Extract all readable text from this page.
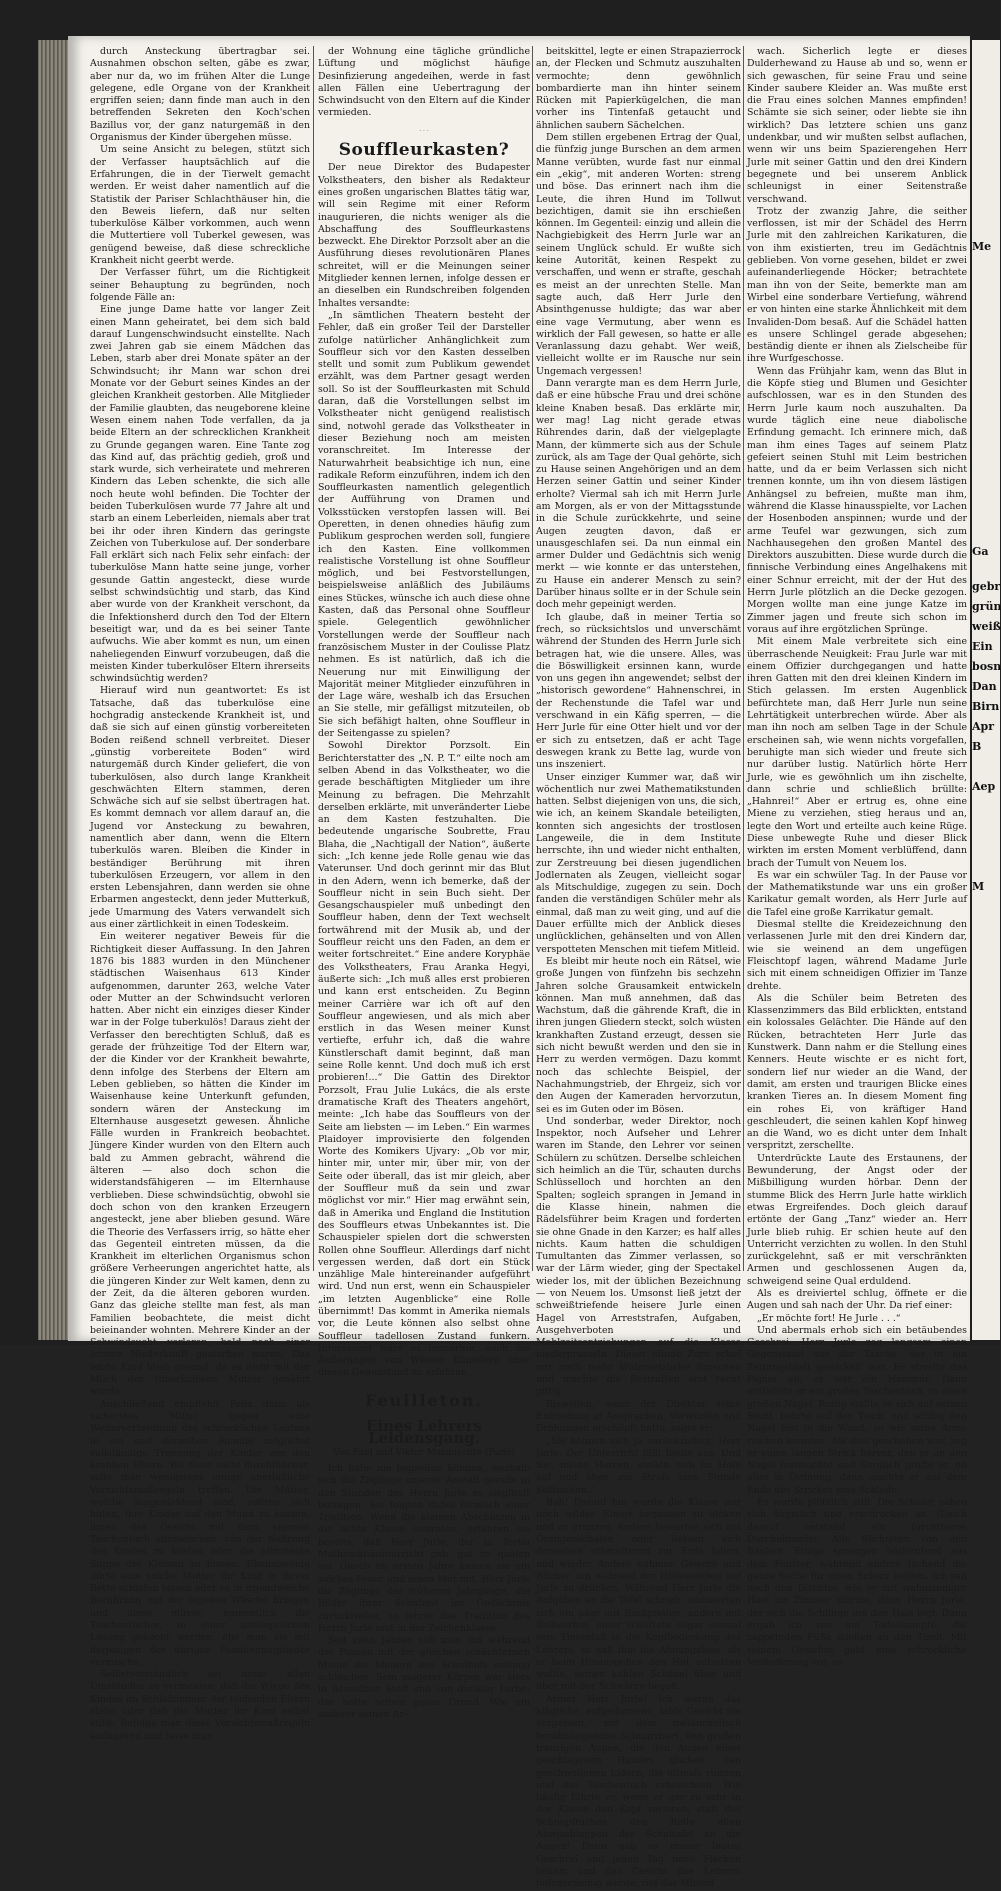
durch Ansteckung übertragbar sei. Ausnahmen obschon selten, gäbe es zwar, aber nur da, wo im frühen Alter die Lunge gelegene, edle Organe von der Krankheit ergriffen seien; dann finde man auch in den betreffenden Sekreten den Koch'schen Bazillus vor, der ganz naturgemäß in den Organismus der Kinder übergehen müsse.

Um seine Ansicht zu belegen, stützt sich der Verfasser hauptsächlich auf die Erfahrungen, die in der Tierwelt gemacht werden. Er weist daher namentlich auf die Statistik der Pariser Schlachthäuser hin, die den Beweis liefern, daß nur selten tuberkulöse Kälber vorkommen, auch wenn die Muttertiere voll Tuberkel gewesen, was genügend beweise, daß diese schreckliche Krankheit nicht geerbt werde.

Der Verfasser führt, um die Richtigkeit seiner Behauptung zu begründen, noch folgende Fälle an:

Eine junge Dame hatte vor langer Zeit einen Mann geheiratet, bei dem sich bald darauf Lungenschwindsucht einstellte. Nach zwei Jahren gab sie einem Mädchen das Leben, starb aber drei Monate später an der Schwindsucht; ihr Mann war schon drei Monate vor der Geburt seines Kindes an der gleichen Krankheit gestorben. Alle Mitglieder der Familie glaubten, das neugeborene kleine Wesen einem nahen Tode verfallen, da ja beide Eltern an der schrecklichen Krankheit zu Grunde gegangen waren. Eine Tante zog das Kind auf, das prächtig gedieh, groß und stark wurde, sich verheiratete und mehreren Kindern das Leben schenkte, die sich alle noch heute wohl befinden. Die Tochter der beiden Tuberkulösen wurde 77 Jahre alt und starb an einem Leberleiden, niemals aber trat bei ihr oder ihren Kindern das geringste Zeichen von Tuberkulose auf. Der sonderbare Fall erklärt sich nach Felix sehr einfach: der tuberkulöse Mann hatte seine junge, vorher gesunde Gattin angesteckt, diese wurde selbst schwindsüchtig und starb, das Kind aber wurde von der Krankheit verschont, da die Infektionsherd durch den Tod der Eltern beseitigt war, und da es bei seiner Tante aufwuchs. Wie aber kommt es nun, um einen naheliegenden Einwurf vorzubeugen, daß die meisten Kinder tuberkulöser Eltern ihrerseits schwindsüchtig werden?

Hierauf wird nun geantwortet: Es ist Tatsache, daß das tuberkulöse eine hochgradig ansteckende Krankheit ist, und daß sie sich auf einen günstig vorbereiteten Boden reißend schnell verbreitet. Dieser „günstig vorbereitete Boden“ wird naturgemäß durch Kinder geliefert, die von tuberkulösen, also durch lange Krankheit geschwächten Eltern stammen, deren Schwäche sich auf sie selbst übertragen hat. Es kommt demnach vor allem darauf an, die Jugend vor Ansteckung zu bewahren, namentlich aber dann, wenn die Eltern tuberkulös waren. Bleiben die Kinder in beständiger Berührung mit ihren tuberkulösen Erzeugern, vor allem in den ersten Lebensjahren, dann werden sie ohne Erbarmen angesteckt, denn jeder Mutterkuß, jede Umarmung des Vaters verwandelt sich aus einer zärtlichkeit in einen Todeskeim.

Ein weiterer negativer Beweis für die Richtigkeit dieser Auffassung. In den Jahren 1876 bis 1883 wurden in den Münchener städtischen Waisenhaus 613 Kinder aufgenommen, darunter 263, welche Vater oder Mutter an der Schwindsucht verloren hatten. Aber nicht ein einziges dieser Kinder war in der Folge tuberkulös! Daraus zieht der Verfasser den berechtigten Schluß, daß es gerade der frühzeitige Tod der Eltern war, der die Kinder vor der Krankheit bewahrte, denn infolge des Sterbens der Eltern am Leben geblieben, so hätten die Kinder im Waisenhause keine Unterkunft gefunden, sondern wären der Ansteckung im Elternhause ausgesetzt gewesen. Ähnliche Fälle wurden in Frankreich beobachtet. Jüngere Kinder wurden von den Eltern auch bald zu Ammen gebracht, während die älteren — also doch schon die widerstandsfähigeren — im Elternhause verblieben. Diese schwindsüchtig, obwohl sie doch schon von den kranken Erzeugern angesteckt, jene aber blieben gesund. Wäre die Theorie des Verfassers irrig, so hätte eher das Gegenteil eintreten müssen, da die Krankheit im elterlichen Organismus schon größere Verheerungen angerichtet hatte, als die jüngeren Kinder zur Welt kamen, denn zu der Zeit, da die älteren geboren wurden. Ganz das gleiche stellte man fest, als man Familien beobachtete, die meist dicht beieinander wohnten. Mehrere Kinder an der Schwindsucht verloren, bald nach einer letzten Niederkunft gestorben waren. Das letzte Kind blieb gesund, da es nicht mit der Milch der tuberkulösen Mutter genährt wurde.

Anschließend empfiehlt Felix dann als sicherstes Mittel gegen eine Weiterverbreitung des schrecklichen Leidens in ein und derselben Familie möglichst vollständige Trennung der Kinder von den kranken Eltern. Wo diese nicht durchführbar, solle man wenigstens einige unerläßliche Vorsichtsmaßregeln treffen. Die Mütter, welche lungenleidend sind, sollten sich hüten, ihre Kinder auf den Mund zu küssen, ihnen das Gesicht mit dem eigenen Taschentuch abzuwischen, von der Nahrung des Kindes zu kosten oder die allzuheiße Suppe der Kleinen zu blasen. Ebensowenig dürfe eine solche Mutter ihr Kind in ihrem Bette schlafen lassen oder es in irgendwelche Berührung mit der eigenen Wäsche bringen und diese müsse, namentlich die Taschentücher, in einer antiseptischen Lösung gekocht werden, ehe man sie mit derjenigen der übrigen Familienmitglieder vermische.

Selbstverständlich sei unter allen Umständen zu vermeiden, daß die Wiege des Kindes im Schlafzimmer der leidenden Eltern stehe oder daß die Mutter ihr Kind selbst stille. Befolge man diese Vorsichtsmaßregeln andauernd und lasse man

der Wohnung eine tägliche gründliche Lüftung und möglichst häufige Desinfizierung angedeihen, werde in fast allen Fällen eine Uebertragung der Schwindsucht von den Eltern auf die Kinder vermieden.

· · ·
Souffleurkasten?

Der neue Direktor des Budapester Volkstheaters, den bisher als Redakteur eines großen ungarischen Blattes tätig war, will sein Regime mit einer Reform inaugurieren, die nichts weniger als die Abschaffung des Souffleurkastens bezweckt. Ehe Direktor Porzsolt aber an die Ausführung dieses revolutionären Planes schreitet, will er die Meinungen seiner Mitglieder kennen lernen, infolge dessen er an dieselben ein Rundschreiben folgenden Inhaltes versandte:

„In sämtlichen Theatern besteht der Fehler, daß ein großer Teil der Darsteller zufolge natürlicher Anhänglichkeit zum Souffleur sich vor den Kasten desselben stellt und somit zum Publikum gewendet erzählt, was dem Partner gesagt werden soll. So ist der Souffleurkasten mit Schuld daran, daß die Vorstellungen selbst im Volkstheater nicht genügend realistisch sind, notwohl gerade das Volkstheater in dieser Beziehung noch am meisten voranschreitet. Im Interesse der Naturwahrheit beabsichtige ich nun, eine radikale Reform einzuführen, indem ich den Souffleurkasten namentlich gelegentlich der Aufführung von Dramen und Volksstücken verstopfen lassen will. Bei Operetten, in denen ohnedies häufig zum Publikum gesprochen werden soll, fungiere ich den Kasten. Eine vollkommen realistische Vorstellung ist ohne Souffleur möglich, und bei Festvorstellungen, beispielsweise anläßlich des Jubiläums eines Stückes, wünsche ich auch diese ohne Kasten, daß das Personal ohne Souffleur spiele. Gelegentlich gewöhnlicher Vorstellungen werde der Souffleur nach französischem Muster in der Coulisse Platz nehmen. Es ist natürlich, daß ich die Neuerung nur mit Einwilligung der Majorität meiner Mitglieder einzuführen in der Lage wäre, weshalb ich das Ersuchen an Sie stelle, mir gefälligst mitzuteilen, ob Sie sich befähigt halten, ohne Souffleur in der Seitengasse zu spielen?

Sowohl Direktor Porzsolt. Ein Berichterstatter des „N. P. T.“ eilte noch am selben Abend in das Volkstheater, wo die gerade beschäftigten Mitglieder um ihre Meinung zu befragen. Die Mehrzahlt derselben erklärte, mit unveränderter Liebe an dem Kasten festzuhalten. Die bedeutende ungarische Soubrette, Frau Blaha, die „Nachtigall der Nation“, äußerte sich: „Ich kenne jede Rolle genau wie das Vaterunser. Und doch gerinnt mir das Blut in den Adern, wenn ich bemerke, daß der Souffleur nicht in sein Buch sieht. Der Gesangschauspieler muß unbedingt den Souffleur haben, denn der Text wechselt fortwährend mit der Musik ab, und der Souffleur reicht uns den Faden, an dem er weiter fortschreitet.“ Eine andere Koryphäe des Volkstheaters, Frau Aranka Hegyi, äußerte sich: „Ich muß alles erst probieren und kann erst entscheiden. Zu Beginn meiner Carrière war ich oft auf den Souffleur angewiesen, und als mich aber erstlich in das Wesen meiner Kunst vertiefte, erfuhr ich, daß die wahre Künstlerschaft damit beginnt, daß man seine Rolle kennt. Und doch muß ich erst probieren!...“ Die Gattin des Direktor Porzsolt, Frau Julie Lukács, die als erste dramatische Kraft des Theaters angehört, meinte: „Ich habe das Souffleurs von der Seite am liebsten — im Leben.“ Ein warmes Plaidoyer improvisierte den folgenden Worte des Komikers Ujvary: „Ob vor mir, hinter mir, unter mir, über mir, von der Seite oder überall, das ist mir gleich, aber der Souffleur muß da sein und zwar möglichst vor mir.“ Hier mag erwähnt sein, daß in Amerika und England die Institution des Souffleurs etwas Unbekanntes ist. Die Schauspieler spielen dort die schwersten Rollen ohne Souffleur. Allerdings darf nicht vergessen werden, daß dort ein Stück unzählige Male hintereinander aufgeführt wird. Und nun erst, wenn ein Schauspieler „im letzten Augenblicke“ eine Rolle übernimmt! Das kommt in Amerika niemals vor, die Leute können also selbst ohne Souffleur tadellosen Zustand funkern. Interessant wäre es immerhin, auch die Äußerungen von Wiener Künstlern über diesen Gegenstand zu erfahren.

Feuilleton.
Eines Lehrers Leidensgang.
Von Paul und Viktor Margueritte (Paris)

Ich habe nie begreifen können, weshalb sich die Zöglinge unserer Anstalt gerade in den Stunden des Herrn Jurle so sieglhaft betragen. Sie folgten dabei förmlich einer Tradition. Wenn die kleinen Abschützen in die achte Klasse eintraten, erfuhren sie bereits, daß Herr Jurle, der in Tertia Mathematikunterricht gab, gut zu quälen sei. Gleich im ersten Jahre kamen sie ein solches Feuer und einen Mut mit. Herr Jurle die Zöglinge der früheren Jahrgänge, die Bilder ihrer Schulzeit ins Gedächtnis zurückriefen, so lehrte das Tradition des Herrn Jurle erst in der Zeichenklasse.

Seit zehn Jahren sah man ihn während der Pausen mit der gleichen schüchternen Miene die Mauern des Schulhofs entlang schleichen. Sein magerer Körper war stets in denselben Stoff und von dunkler Farbe; das hatte seinen guten Grund. Wie ein anderer seinen Ar-

beitskittel, legte er einen Strapazierrock an, der Flecken und Schmutz auszuhalten vermochte; denn gewöhnlich bombardierte man ihn hinter seinem Rücken mit Papierkügelchen, die man vorher ins Tintenfaß getaucht und ähnlichen saubern Sächelchen.

Dem stillen ergebenen Ertrag der Qual, die fünfzig junge Burschen an dem armen Manne verübten, wurde fast nur einmal ein „ekig“, mit anderen Worten: streng und böse. Das erinnert nach ihm die Leute, die ihren Hund im Tollwut bezichtigen, damit sie ihn erschießen können. Im Gegenteil: einzig und allein die Nachgiebigkeit des Herrn Jurle war an seinem Unglück schuld. Er wußte sich keine Autorität, keinen Respekt zu verschaffen, und wenn er strafte, geschah es meist an der unrechten Stelle. Man sagte auch, daß Herr Jurle den Absinthgenusse huldigte; das war aber eine vage Vermutung, aber wenn es wirklich der Fall gewesen, so hatte er alle Veranlassung dazu gehabt. Wer weiß, vielleicht wollte er im Rausche nur sein Ungemach vergessen!

Dann verargte man es dem Herrn Jurle, daß er eine hübsche Frau und drei schöne kleine Knaben besaß. Das erklärte mir, wer mag! Lag nicht gerade etwas Rührendes darin, daß der vielgeplagte Mann, der kümmerte sich aus der Schule zurück, als am Tage der Qual gehörte, sich zu Hause seinen Angehörigen und an dem Herzen seiner Gattin und seiner Kinder erholte? Viermal sah ich mit Herrn Jurle am Morgen, als er von der Mittagsstunde in die Schule zurückkehrte, und seine Augen zeugten davon, daß er unausgeschlafen sei. Da nun einmal ein armer Dulder und Gedächtnis sich wenig merkt — wie konnte er das unterstehen, zu Hause ein anderer Mensch zu sein? Darüber hinaus sollte er in der Schule sein doch mehr gepeinigt werden.

Ich glaube, daß in meiner Tertia so frech, so rücksichtslos und unverschämt während der Stunden des Herrn Jurle sich betragen hat, wie die unsere. Alles, was die Böswilligkeit ersinnen kann, wurde von uns gegen ihn angewendet; selbst der „historisch gewordene“ Hahnenschrei, in der Rechenstunde die Tafel war und verschwand in ein Käfig sperren, — die Herr Jurle für eine Otter hielt und vor der er sich zu entsetzen, daß er acht Tage deswegen krank zu Bette lag, wurde von uns inszeniert.

Unser einziger Kummer war, daß wir wöchentlich nur zwei Mathematikstunden hatten. Selbst diejenigen von uns, die sich, wie ich, an keinem Skandale beteiligten, konnten sich angesichts der trostlosen Langeweile, die in dem Institute herrschte, ihn und wieder nicht enthalten, zur Zerstreuung bei diesen jugendlichen Jodlernaten als Zeugen, vielleicht sogar als Mitschuldige, zugegen zu sein. Doch fanden die verständigen Schüler mehr als einmal, daß man zu weit ging, und auf die Dauer erfüllte mich der Anblick dieses unglücklichen, gehänselten und von Allen verspotteten Menschen mit tiefem Mitleid.

Es bleibt mir heute noch ein Rätsel, wie große Jungen von fünfzehn bis sechzehn Jahren solche Grausamkeit entwickeln können. Man muß annehmen, daß das Wachstum, daß die gährende Kraft, die in ihren jungen Gliedern steckt, solch wüsten krankhaften Zustand erzeugt, dessen sie sich nicht bewußt werden und den sie in Herr zu werden vermögen. Dazu kommt noch das schlechte Beispiel, der Nachahmungstrieb, der Ehrgeiz, sich vor den Augen der Kameraden hervorzutun, sei es im Guten oder im Bösen.

Und sonderbar, weder Direktor, noch Inspektor, noch Aufseher und Lehrer waren im Stande, den Lehrer vor seinen Schülern zu schützen. Derselbe schleichen sich heimlich an die Tür, schauten durchs Schlüsselloch und horchten an den Spalten; sogleich sprangen in Jemand in die Klasse hinein, nahmen die Rädelsführer beim Kragen und forderten sie ohne Gnade in den Karzer; es half alles nichts. Kaum hatten die schuldigen Tumultanten das Zimmer verlassen, so war der Lärm wieder, ging der Spectakel wieder los, mit der üblichen Bezeichnung — von Neuem los. Umsonst ließ jetzt der schweißtriefende heisere Jurle einen Hagel von Arreststrafen, Aufgaben, Ausgehverboten und Mahlzeitsentziehungen auf die Klasse niederprasseln. Dieser blinde Zorn schuf nur noch mehr Widersetzliche Burschen und machte die Bestraften erst recht giftig.

Bisweilen, wenn der Direktor seine Entrüstung in Ansprachen, Vorwürfen und Drohungen erschöpft hatte, sagte er:

„Sie können sich ja zurückziehen, Herr Jurle. Der Unterricht fällt heute aus. Und Sie, meine Herren, stellen sich im Hofe auf und üben zur Strafe eine Stunde Stillstehen.“

Bah! Darauf hin wurde die Klasse nur noch wilder. Einige begannen zu blöken und zu grunzen, Andere bewarfen sich mit Orangenschalen oder liessen sich derselben schmetternd zur Erde fallen, und wieder Andere nahmen Gewerk und Bücher, um während der Höllensieben auf Jurle zu drücken. Während Herr Jurle die Aufgaben an die Tafel schrieb, amüsierten sich ein paar mit Backpfeifen, andere mit Ballwerfen; einer schüttete sogar einmal sein Tintenfaß in die Kopfbedeckung des Lehrers, so daß ihm die Ahnungslose, als er beim Hinausgehen den Hut aufsetzen wollte, seinen kahlen Schädel über und über mit der Schwärze begoß.

Armer Herr Jurle! Ich werde das klägliche, aufgedunsene, fahle Gesicht nie vergessen, mit dem melancholisch herabhängenden Schnurrbart, den großen traurigen Augen, die den Augen eines geschlagenen Hundes glichen, den geschwollenen Lidern, die oftmals rinnten und das Taschentuch erheischten. Wie häufig führte er, wenn er gar zu sehr in der Klasse den Kopf verloren, statt des Schnupftuches den Rolle allen Abwischlappen der Schultafel an die Augen! Dann gab es immer lautes Geschrei und jeden Tag neue Flecken bekam und das Gesicht des Lehrers fadenscheinig wurde, rief das Mitleid

wach. Sicherlich legte er dieses Dulderhewand zu Hause ab und so, wenn er sich gewaschen, für seine Frau und seine Kinder saubere Kleider an. Was mußte erst die Frau eines solchen Mannes empfinden! Schämte sie sich seiner, oder liebte sie ihn wirklich? Das letztere schien uns ganz undenkbar, und wir mußten selbst auflachen, wenn wir uns beim Spazierengehen Herr Jurle mit seiner Gattin und den drei Kindern begegnete und bei unserem Anblick schleunigst in einer Seitenstraße verschwand.

Trotz der zwanzig Jahre, die seither verflossen, ist mir der Schädel des Herrn Jurle mit den zahlreichen Karikaturen, die von ihm existierten, treu im Gedächtnis geblieben. Von vorne gesehen, bildet er zwei aufeinanderliegende Höcker; betrachtete man ihn von der Seite, bemerkte man am Wirbel eine sonderbare Vertiefung, während er von hinten eine starke Ähnlichkeit mit dem Invaliden-Dom besaß. Auf die Schädel hatten es unsere Schlingel gerade abgesehen; beständig diente er ihnen als Zielscheibe für ihre Wurfgeschosse.

Wenn das Frühjahr kam, wenn das Blut in die Köpfe stieg und Blumen und Gesichter aufschlossen, war es in den Stunden des Herrn Jurle kaum noch auszuhalten. Da wurde täglich eine neue diabolische Erfindung gemacht. Ich erinnere mich, daß man ihm eines Tages auf seinem Platz gefeiert seinen Stuhl mit Leim bestrichen hatte, und da er beim Verlassen sich nicht trennen konnte, um ihn von diesem lästigen Anhängsel zu befreien, mußte man ihm, während die Klasse hinausspielte, vor Lachen der Hosenboden anspinnen; wurde und der arme Teufel war gezwungen, sich zum Nachhausegehen den großen Mantel des Direktors auszubitten. Diese wurde durch die finnische Verbindung eines Angelhakens mit einer Schnur erreicht, mit der der Hut des Herrn Jurle plötzlich an die Decke gezogen. Morgen wollte man eine junge Katze im Zimmer jagen und freute sich schon im voraus auf ihre ergötzlichen Sprünge.

Mit einem Male verbreitete sich eine überraschende Neuigkeit: Frau Jurle war mit einem Offizier durchgegangen und hatte ihren Gatten mit den drei kleinen Kindern im Stich gelassen. Im ersten Augenblick befürchtete man, daß Herr Jurle nun seine Lehrtätigkeit unterbrechen würde. Aber als man ihn noch am selben Tage in der Schule erscheinen sah, wie wenn nichts vorgefallen, beruhigte man sich wieder und freute sich nur darüber lustig. Natürlich hörte Herr Jurle, wie es gewöhnlich um ihn zischelte, dann schrie und schließlich brüllte: „Hahnrei!“ Aber er ertrug es, ohne eine Miene zu verziehen, stieg heraus und an, legte den Wort und erteilte auch keine Rüge. Diese unbewegte Ruhe und dieser Blick wirkten im ersten Moment verblüffend, dann brach der Tumult von Neuem los.

Es war ein schwüler Tag. In der Pause vor der Mathematikstunde war uns ein großer Karikatur gemalt worden, als Herr Jurle auf die Tafel eine große Karrikatur gemalt.

Diesmal stellte die Kreidezeichnung den verlassenen Jurle mit den drei Kindern dar, wie sie weinend an dem ungefügen Fleischtopf lagen, während Madame Jurle sich mit einem schneidigen Offizier im Tanze drehte.

Als die Schüler beim Betreten des Klassenzimmers das Bild erblickten, entstand ein kolossales Gelächter. Die Hände auf den Rücken, betrachteten Herr Jurle das Kunstwerk. Dann nahm er die Stellung eines Kenners. Heute wischte er es nicht fort, sondern lief nur wieder an die Wand, der damit, am ersten und traurigen Blicke eines kranken Tieres an. In diesem Moment fing ein rohes Ei, von kräftiger Hand geschleudert, die seinen kahlen Kopf hinweg an die Wand, wo es dicht unter dem Inhalt verspritzt, zerschellte.

Unterdrückte Laute des Erstaunens, der Bewunderung, der Angst oder der Mißbilligung wurden hörbar. Denn der stumme Blick des Herrn Jurle hatte wirklich etwas Ergreifendes. Doch gleich darauf ertönte der Gang „Tanz“ wieder an. Herr Jurle blieb ruhig. Er schien heute auf den Unterricht verzichten zu wollen. In den Stuhl zurückgelehnt, saß er mit verschränkten Armen und geschlossenen Augen da, schweigend seine Qual erduldend.

Als es dreiviertel schlug, öffnete er die Augen und sah nach der Uhr. Da rief einer:

„Er möchte fort! He Jurle . . .“

Und abermals erhob sich ein betäubendes Geschrei. Herr Jurle zog langsam einen Gegenstand aus der Tasche, der in ein Zeitungsblatt gewickelt war. Er streifte das Papier ab, es war ein Hammer. Dann entfaltete er ein großes Taschentuch, in einen großen Nagel. Ruhig stellte er sich auf seinen Stuhl, bohrte auf den Tisch, und schlug den Nagel fest in die Wand, so wie seine Arme reichen konnten. Als dies geschehen war, zog er einen langen Strick hervor, den er an den Nagel festmachte und Sorglich prüfte er, ob alles in Ordnung, dann machte er aus dem Ende des Strickes eine Schleife.

Es wurde plötzlich still. Die Schüler sahen sich ängstlich und erschrocken an. Gleich darauf entstand ein furchtbares Durcheinander. Alle flüchteten von den Bänken. Einige sprangen hülferufend aus dem Fenster, während andere lachend die ganze Sache für einen Scherz hielten. Ich sah noch den Direktor, wie er mit wahnsinniger Hast ins Zimmer stürzte, denn Herrn Jurle, der sich die Schlinge um den Hals legt. Dann ergab ich von am Todeskampfe; die zappelnden Füße stießen an den Tisch. Mit seinem Gesichte gebt eine schreckliche Veränderung vor, es

Me
Ga
gebr
grün
weiß
Ein
bosn
Dan
Birn
Apr
B
Aep
M
